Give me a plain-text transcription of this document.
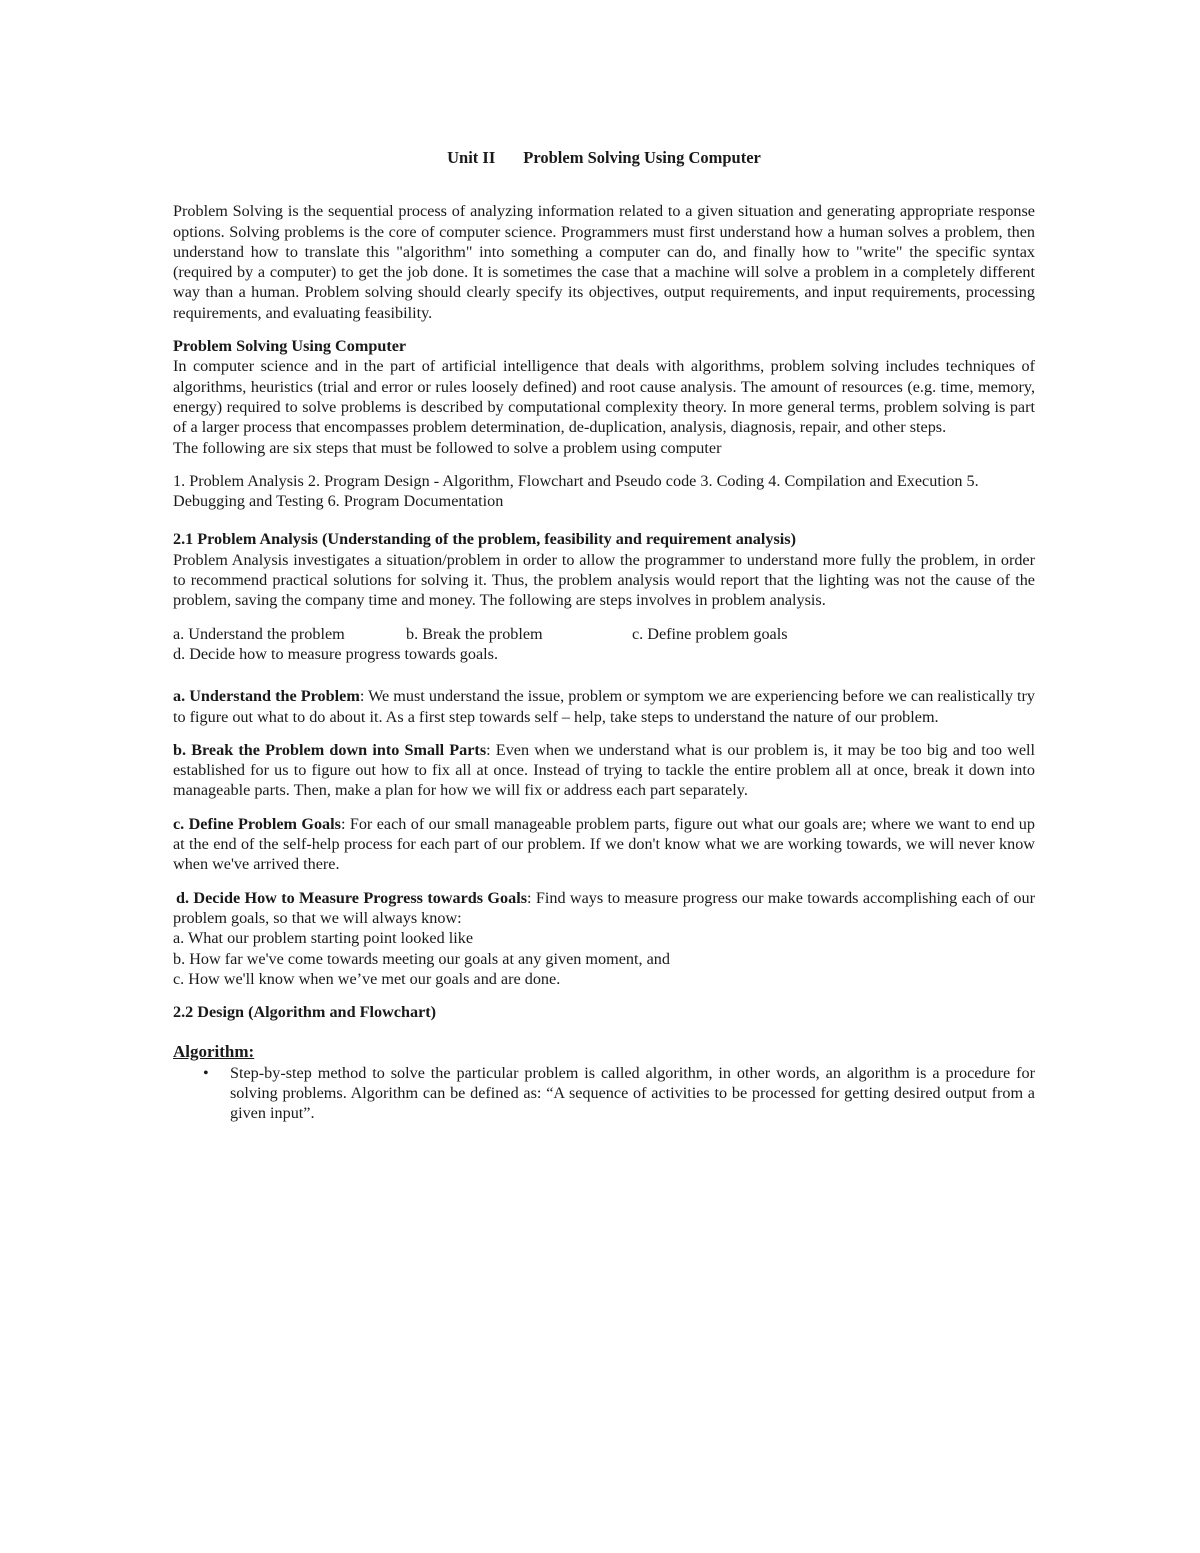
Unit II Problem Solving Using Computer

Problem Solving is the sequential process of analyzing information related to a given situation and generating appropriate response options. Solving problems is the core of computer science. Programmers must first understand how a human solves a problem, then understand how to translate this "algorithm" into something a computer can do, and finally how to "write" the specific syntax (required by a computer) to get the job done. It is sometimes the case that a machine will solve a problem in a completely different way than a human. Problem solving should clearly specify its objectives, output requirements, and input requirements, processing requirements, and evaluating feasibility.

Problem Solving Using Computer

In computer science and in the part of artificial intelligence that deals with algorithms, problem solving includes techniques of algorithms, heuristics (trial and error or rules loosely defined) and root cause analysis. The amount of resources (e.g. time, memory, energy) required to solve problems is described by computational complexity theory. In more general terms, problem solving is part of a larger process that encompasses problem determination, de-duplication, analysis, diagnosis, repair, and other steps.

The following are six steps that must be followed to solve a problem using computer

1. Problem Analysis 2. Program Design - Algorithm, Flowchart and Pseudo code 3. Coding 4. Compilation and Execution 5. Debugging and Testing 6. Program Documentation

2.1 Problem Analysis (Understanding of the problem, feasibility and requirement analysis)

Problem Analysis investigates a situation/problem in order to allow the programmer to understand more fully the problem, in order to recommend practical solutions for solving it. Thus, the problem analysis would report that the lighting was not the cause of the problem, saving the company time and money. The following are steps involves in problem analysis.

a. Understand the problem	b. Break the problem	c. Define problem goals

d. Decide how to measure progress towards goals.

a. Understand the Problem: We must understand the issue, problem or symptom we are experiencing before we can realistically try to figure out what to do about it. As a first step towards self – help, take steps to understand the nature of our problem.

b. Break the Problem down into Small Parts: Even when we understand what is our problem is, it may be too big and too well established for us to figure out how to fix all at once. Instead of trying to tackle the entire problem all at once, break it down into manageable parts. Then, make a plan for how we will fix or address each part separately.

c. Define Problem Goals: For each of our small manageable problem parts, figure out what our goals are; where we want to end up at the end of the self-help process for each part of our problem. If we don't know what we are working towards, we will never know when we've arrived there.

d. Decide How to Measure Progress towards Goals: Find ways to measure progress our make towards accomplishing each of our problem goals, so that we will always know:

a. What our problem starting point looked like
b. How far we've come towards meeting our goals at any given moment, and
c. How we'll know when we’ve met our goals and are done.

2.2 Design (Algorithm and Flowchart)

Algorithm:

• Step-by-step method to solve the particular problem is called algorithm, in other words, an algorithm is a procedure for solving problems. Algorithm can be defined as: “A sequence of activities to be processed for getting desired output from a given input”.
